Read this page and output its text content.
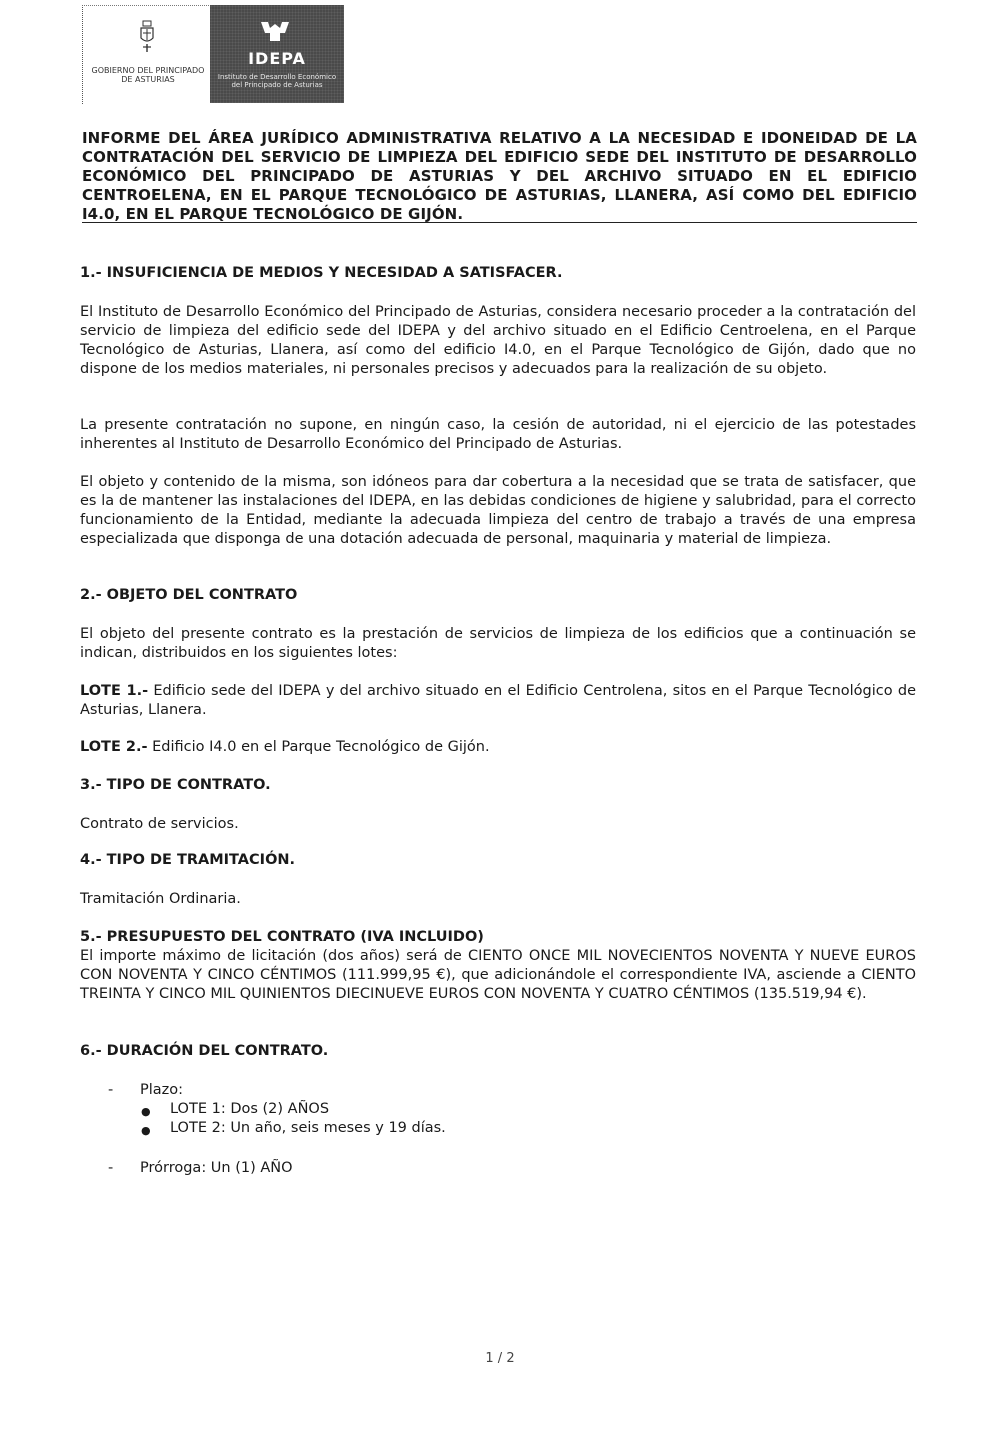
GOBIERNO DEL PRINCIPADO DE ASTURIAS
IDEPA
Instituto de Desarrollo Económico del Principado de Asturias
INFORME DEL ÁREA JURÍDICO ADMINISTRATIVA RELATIVO A LA NECESIDAD E IDONEIDAD DE LA CONTRATACIÓN DEL SERVICIO DE LIMPIEZA DEL EDIFICIO SEDE DEL INSTITUTO DE DESARROLLO ECONÓMICO DEL PRINCIPADO DE ASTURIAS Y DEL ARCHIVO SITUADO EN EL EDIFICIO CENTROELENA, EN EL PARQUE TECNOLÓGICO DE ASTURIAS, LLANERA, ASÍ COMO DEL EDIFICIO I4.0, EN EL PARQUE TECNOLÓGICO DE GIJÓN.
1.- INSUFICIENCIA DE MEDIOS Y NECESIDAD A SATISFACER.
El Instituto de Desarrollo Económico del Principado de Asturias, considera necesario proceder a la contratación del servicio de limpieza del edificio sede del IDEPA y del archivo situado en el Edificio Centroelena, en el Parque Tecnológico de Asturias, Llanera, así como del edificio I4.0, en el Parque Tecnológico de Gijón, dado que no dispone de los medios materiales, ni personales precisos y adecuados para la realización de su objeto.
La presente contratación no supone, en ningún caso, la cesión de autoridad, ni el ejercicio de las potestades inherentes al Instituto de Desarrollo Económico del Principado de Asturias.
El objeto y contenido de la misma, son idóneos para dar cobertura a la necesidad que se trata de satisfacer, que es la de mantener las instalaciones del IDEPA, en las debidas condiciones de higiene y salubridad, para el correcto funcionamiento de la Entidad, mediante la adecuada limpieza del centro de trabajo a través de una empresa especializada que disponga de una dotación adecuada de personal, maquinaria y material de limpieza.
2.- OBJETO DEL CONTRATO
El objeto del presente contrato es la prestación de servicios de limpieza de los edificios que a continuación se indican, distribuidos en los siguientes lotes:
LOTE 1.- Edificio sede del IDEPA y del archivo situado en el Edificio Centrolena, sitos en el Parque Tecnológico de Asturias, Llanera.
LOTE 2.- Edificio I4.0 en el Parque Tecnológico de Gijón.
3.- TIPO DE CONTRATO.
Contrato de servicios.
4.- TIPO DE TRAMITACIÓN.
Tramitación Ordinaria.
5.- PRESUPUESTO DEL CONTRATO (IVA INCLUIDO)
El importe máximo de licitación (dos años) será de CIENTO ONCE MIL NOVECIENTOS NOVENTA Y NUEVE EUROS CON NOVENTA Y CINCO CÉNTIMOS (111.999,95 €), que adicionándole el correspondiente IVA, asciende a CIENTO TREINTA Y CINCO MIL QUINIENTOS DIECINUEVE EUROS CON NOVENTA Y CUATRO CÉNTIMOS (135.519,94 €).
6.- DURACIÓN DEL CONTRATO.
- Plazo:
● LOTE 1: Dos (2) AÑOS
● LOTE 2: Un año, seis meses y 19 días.
- Prórroga: Un (1) AÑO
1 / 2
